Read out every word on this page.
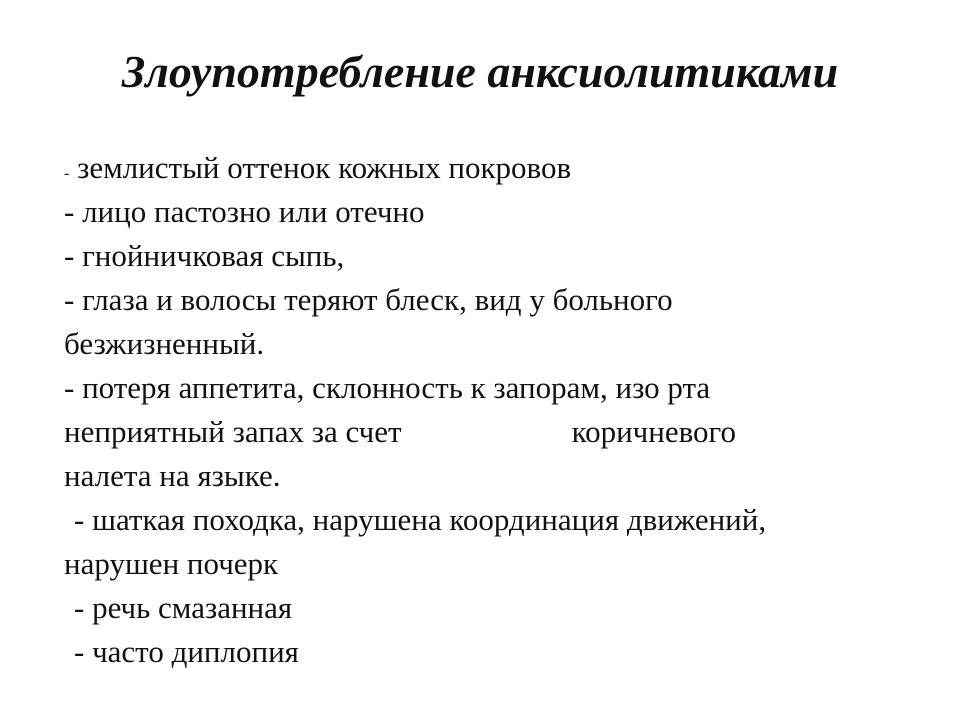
Злоупотребление анксиолитиками
- землистый оттенок кожных покровов
- лицо пастозно или отечно
- гнойничковая сыпь,
- глаза и волосы теряют блеск, вид у больного
безжизненный.
- потеря аппетита, склонность к запорам, изо рта
неприятный запах за счет	коричневого
налета на языке.
- шаткая походка, нарушена координация движений,
нарушен почерк
- речь смазанная
- часто диплопия
